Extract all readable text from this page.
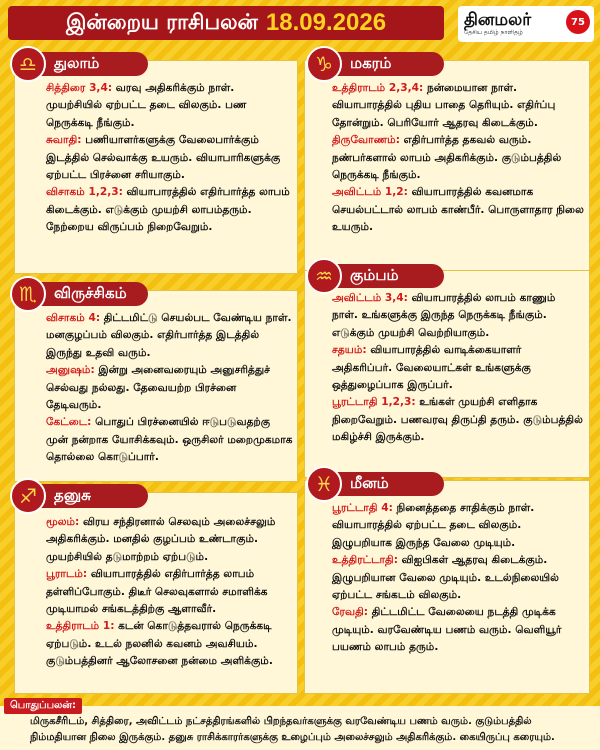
இன்றைய ராசிபலன் 18.09.2026	தினமலர்
தேசிய தமிழ் நாளிதழ்
75
♎	துலாம்
சித்திரை 3,4: வரவு அதிகரிக்கும் நாள். முயற்சியில் ஏற்பட்ட தடை விலகும். பண நெருக்கடி நீங்கும்.
சுவாதி: பணியாளர்களுக்கு வேலைபார்க்கும் இடத்தில் செல்வாக்கு உயரும். வியாபாரிகளுக்கு ஏற்பட்ட பிரச்னை சரியாகும்.
விசாகம் 1,2,3: வியாபாரத்தில் எதிர்பார்த்த லாபம் கிடைக்கும். எடுக்கும் முயற்சி லாபம்தரும். நேற்றைய விருப்பம் நிறைவேறும்.
♏	விருச்சிகம்
விசாகம் 4: திட்டமிட்டு செயல்பட வேண்டிய நாள். மனகுழப்பம் விலகும். எதிர்பார்த்த இடத்தில் இருந்து உதவி வரும்.
அனுஷம்: இன்று அனைவரையும் அனுசரித்துச் செல்வது நல்லது. தேவையற்ற பிரச்னை தேடிவரும்.
கேட்டை: பொதுப் பிரச்னையில் ஈடுபடுவதற்கு முன் நன்றாக யோசிக்கவும். ஒருசிலர் மறைமுகமாக தொல்லை கொடுப்பார்.
♐	தனுசு
மூலம்: விரய சந்திரனால் செலவும் அலைச்சலும் அதிகரிக்கும். மனதில் குழப்பம் உண்டாகும். முயற்சியில் தடுமாற்றம் ஏற்படும்.
பூராடம்: வியாபாரத்தில் எதிர்பார்த்த லாபம் தள்ளிப்போகும். திடீர் செலவுகளால் சமாளிக்க முடியாமல் சங்கடத்திற்கு ஆளாவீர்.
உத்திராடம் 1: கடன் கொடுத்தவரால் நெருக்கடி ஏற்படும். உடல் நலனில் கவனம் அவசியம். குடும்பத்தினர் ஆலோசனை நன்மை அளிக்கும்.
♑	மகரம்
உத்திராடம் 2,3,4: நன்மையான நாள். வியாபாரத்தில் புதிய பாதை தெரியும். எதிர்ப்பு தோன்றும். பெரியோர் ஆதரவு கிடைக்கும்.
திருவோணம்: எதிர்பார்த்த தகவல் வரும். நண்பர்களால் லாபம் அதிகரிக்கும். குடும்பத்தில் நெருக்கடி நீங்கும்.
அவிட்டம் 1,2: வியாபாரத்தில் கவனமாக செயல்பட்டால் லாபம் காண்பீர். பொருளாதார நிலை உயரும்.
♒	கும்பம்
அவிட்டம் 3,4: வியாபாரத்தில் லாபம் காணும் நாள். உங்களுக்கு இருந்த நெருக்கடி நீங்கும். எடுக்கும் முயற்சி வெற்றியாகும்.
சதயம்: வியாபாரத்தில் வாடிக்கையாளர் அதிகரிப்பர். வேலையாட்கள் உங்களுக்கு ஒத்துழைப்பாக இருப்பர்.
பூரட்டாதி 1,2,3: உங்கள் முயற்சி எளிதாக நிறைவேறும். பணவரவு திருப்தி தரும். குடும்பத்தில் மகிழ்ச்சி இருக்கும்.
♓	மீனம்
பூரட்டாதி 4: நினைத்ததை சாதிக்கும் நாள். வியாபாரத்தில் ஏற்பட்ட தடை விலகும். இழுபறியாக இருந்த வேலை முடியும்.
உத்திரட்டாதி: விஐபிகள் ஆதரவு கிடைக்கும். இழுபறியான வேலை முடியும். உடல்நிலையில் ஏற்பட்ட சங்கடம் விலகும்.
ரேவதி: திட்டமிட்ட வேலையை நடத்தி முடிக்க முடியும். வரவேண்டிய பணம் வரும். வெளியூர் பயணம் லாபம் தரும்.
பொதுப்பலன்:
மிருகசீரிடம், சித்திரை, அவிட்டம் நட்சத்திரங்களில் பிறந்தவர்களுக்கு வரவேண்டிய பணம் வரும். குடும்பத்தில் நிம்மதியான நிலை இருக்கும். தனுசு ராசிக்காரர்களுக்கு உழைப்பும் அலைச்சலும் அதிகரிக்கும். கையிருப்பு கரையும்.
